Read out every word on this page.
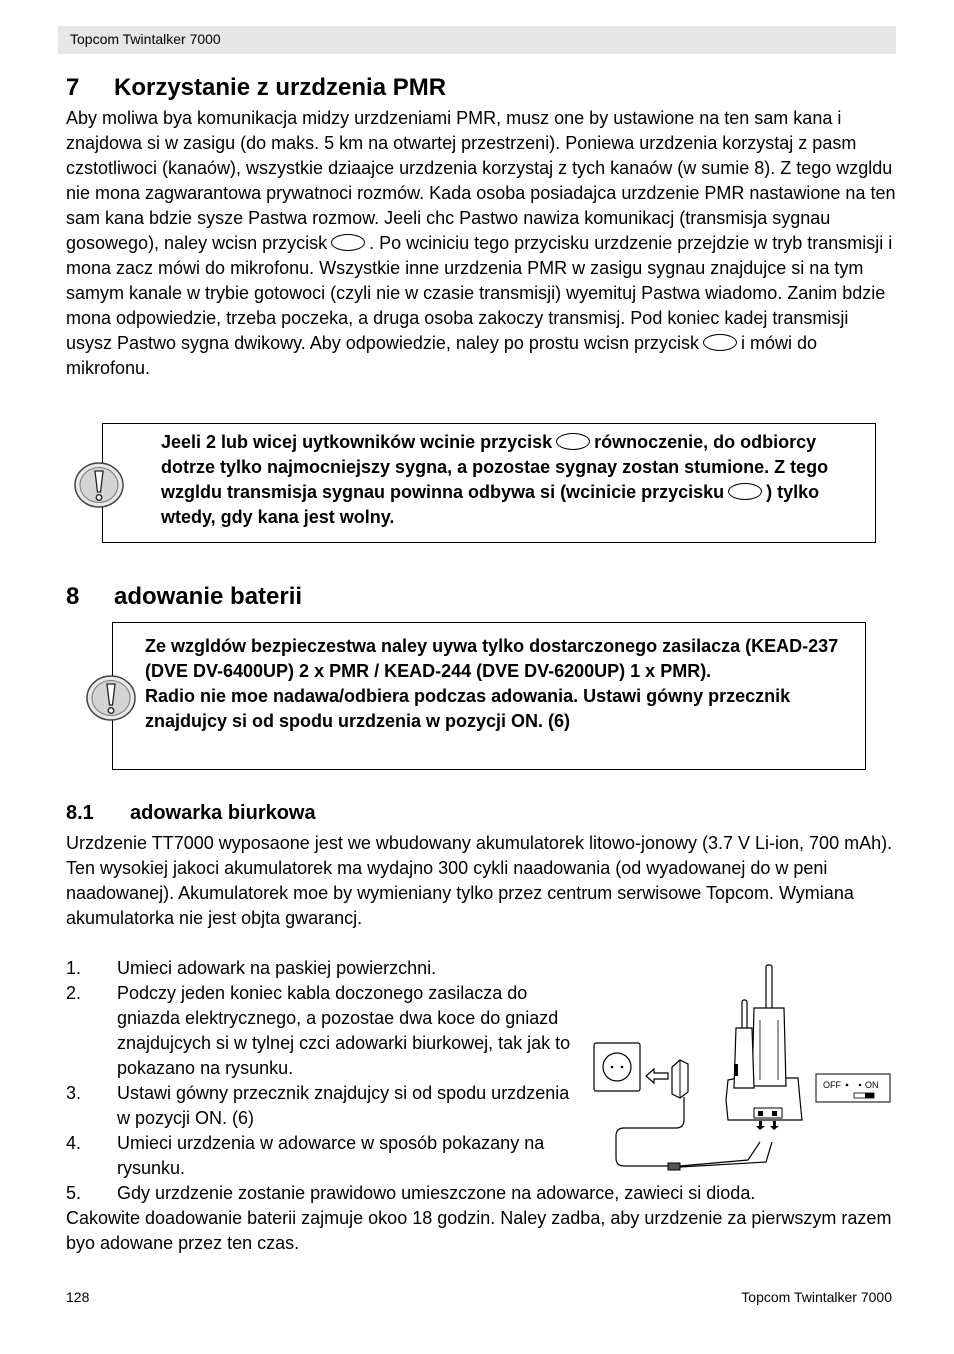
Topcom Twintalker 7000
7 Korzystanie z urzdzenia PMR

Aby moliwa bya komunikacja midzy urzdzeniami PMR, musz one by ustawione na ten sam kana i znajdowa si w zasigu (do maks. 5 km na otwartej przestrzeni). Poniewa urzdzenia korzystaj z pasm czstotliwoci (kanaów), wszystkie dziaajce urzdzenia korzystaj z tych kanaów (w sumie 8). Z tego wzgldu nie mona zagwarantowa prywatnoci rozmów. Kada osoba posiadajca urzdzenie PMR nastawione na ten sam kana bdzie sysze Pastwa rozmow. Jeeli chc Pastwo nawiza komunikacj (transmisja sygnau gosowego), naley wcisn przycisk . Po wciniciu tego przycisku urzdzenie przejdzie w tryb transmisji i mona zacz mówi do mikrofonu. Wszystkie inne urzdzenia PMR w zasigu sygnau znajdujce si na tym samym kanale w trybie gotowoci (czyli nie w czasie transmisji) wyemituj Pastwa wiadomo. Zanim bdzie mona odpowiedzie, trzeba poczeka, a druga osoba zakoczy transmisj. Pod koniec kadej transmisji usysz Pastwo sygna dwikowy. Aby odpowiedzie, naley po prostu wcisn przycisk i mówi do mikrofonu.

Jeeli 2 lub wicej uytkowników wcinie przycisk równoczenie, do odbiorcy dotrze tylko najmocniejszy sygna, a pozostae sygnay zostan stumione. Z tego wzgldu transmisja sygnau powinna odbywa si (wcinicie przycisku ) tylko wtedy, gdy kana jest wolny.

8 adowanie baterii

Ze wzgldów bezpieczestwa naley uywa tylko dostarczonego zasilacza (KEAD-237 (DVE DV-6400UP) 2 x PMR / KEAD-244 (DVE DV-6200UP) 1 x PMR).

Radio nie moe nadawa/odbiera podczas adowania. Ustawi gówny przecznik znajdujcy si od spodu urzdzenia w pozycji ON. (6)

8.1 adowarka biurkowa

Urzdzenie TT7000 wyposaone jest we wbudowany akumulatorek litowo-jonowy (3.7 V Li-ion, 700 mAh). Ten wysokiej jakoci akumulatorek ma wydajno 300 cykli naadowania (od wyadowanej do w peni naadowanej). Akumulatorek moe by wymieniany tylko przez centrum serwisowe Topcom. Wymiana akumulatorka nie jest objta gwarancj.

1. Umieci adowark na paskiej powierzchni.
2. Podczy jeden koniec kabla doczonego zasilacza do gniazda elektrycznego, a pozostae dwa koce do gniazd znajdujcych si w tylnej czci adowarki biurkowej, tak jak to pokazano na rysunku.
3. Ustawi gówny przecznik znajdujcy si od spodu urzdzenia w pozycji ON. (6)
4. Umieci urzdzenia w adowarce w sposób pokazany na rysunku.
5. Gdy urzdzenie zostanie prawidowo umieszczone na adowarce, zawieci si dioda.

Cakowite doadowanie baterii zajmuje okoo 18 godzin. Naley zadba, aby urzdzenie za pierwszym razem byo adowane przez ten czas.

OFF	ON
128	Topcom Twintalker 7000
